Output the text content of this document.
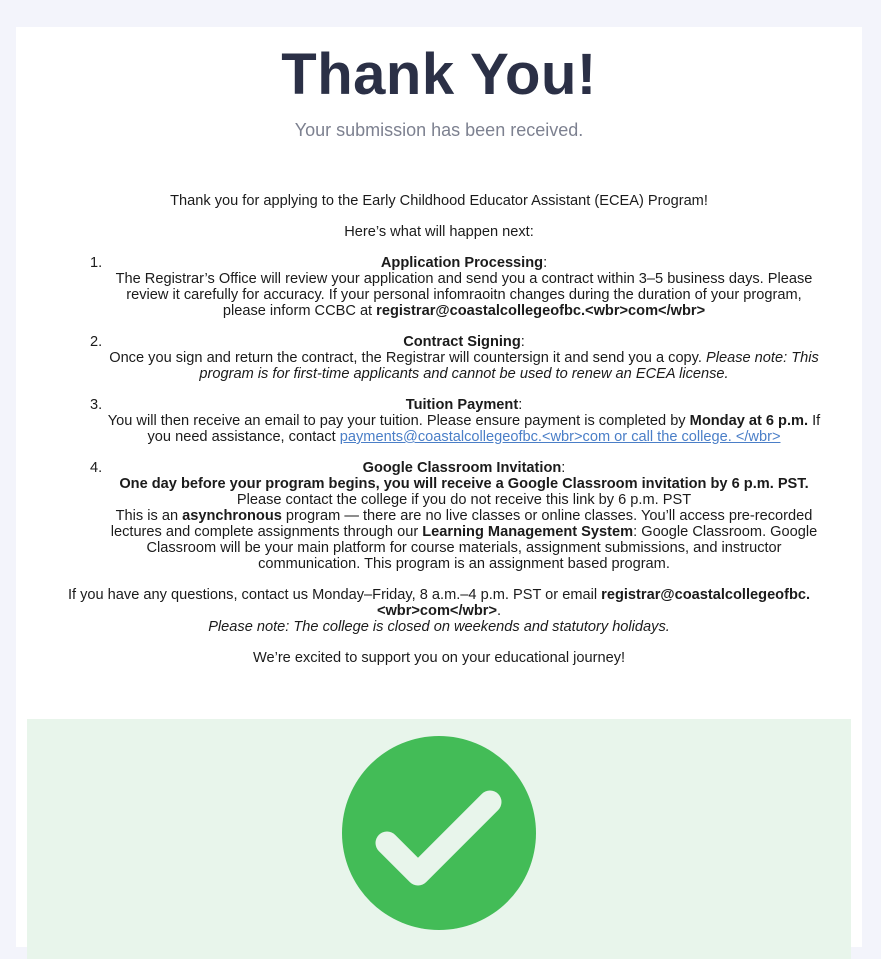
Thank You!

Your submission has been received.

Thank you for applying to the Early Childhood Educator Assistant (ECEA) Program!

Here’s what will happen next:

1.	Application Processing:
The Registrar’s Office will review your application and send you a contract within 3–5 business days. Please review it carefully for accuracy. If your personal infomraoitn changes during the duration of your program, please inform CCBC at registrar@coastalcollegeofbc.<wbr>com</wbr>
2.	Contract Signing:
Once you sign and return the contract, the Registrar will countersign it and send you a copy. Please note: This program is for first-time applicants and cannot be used to renew an ECEA license.
3.	Tuition Payment:
You will then receive an email to pay your tuition. Please ensure payment is completed by Monday at 6 p.m. If you need assistance, contact payments@coastalcollegeofbc.<wbr>com or call the college. </wbr>
4.	Google Classroom Invitation:
One day before your program begins, you will receive a Google Classroom invitation by 6 p.m. PST. Please contact the college if you do not receive this link by 6 p.m. PST
This is an asynchronous program — there are no live classes or online classes. You’ll access pre-recorded lectures and complete assignments through our Learning Management System: Google Classroom. Google Classroom will be your main platform for course materials, assignment submissions, and instructor communication. This program is an assignment based program.

If you have any questions, contact us Monday–Friday, 8 a.m.–4 p.m. PST or email registrar@coastalcollegeofbc.<wbr>com</wbr>.

Please note: The college is closed on weekends and statutory holidays.

We’re excited to support you on your educational journey!
